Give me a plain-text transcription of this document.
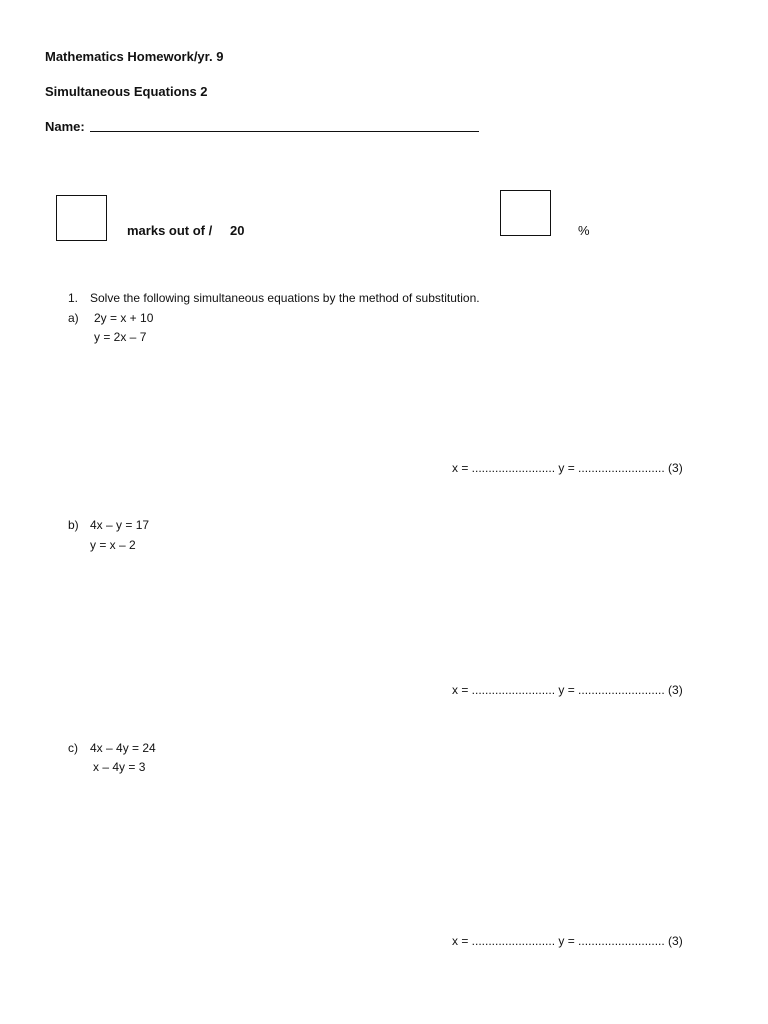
Mathematics Homework/yr. 9
Simultaneous Equations 2
Name:
marks out of / 20	%
1. Solve the following simultaneous equations by the method of substitution.
a) 2y = x + 10
y = 2x – 7
x = ......................... y = .......................... (3)
b) 4x – y = 17
y = x – 2
x = ......................... y = .......................... (3)
c) 4x – 4y = 24
x – 4y = 3
x = ......................... y = .......................... (3)
